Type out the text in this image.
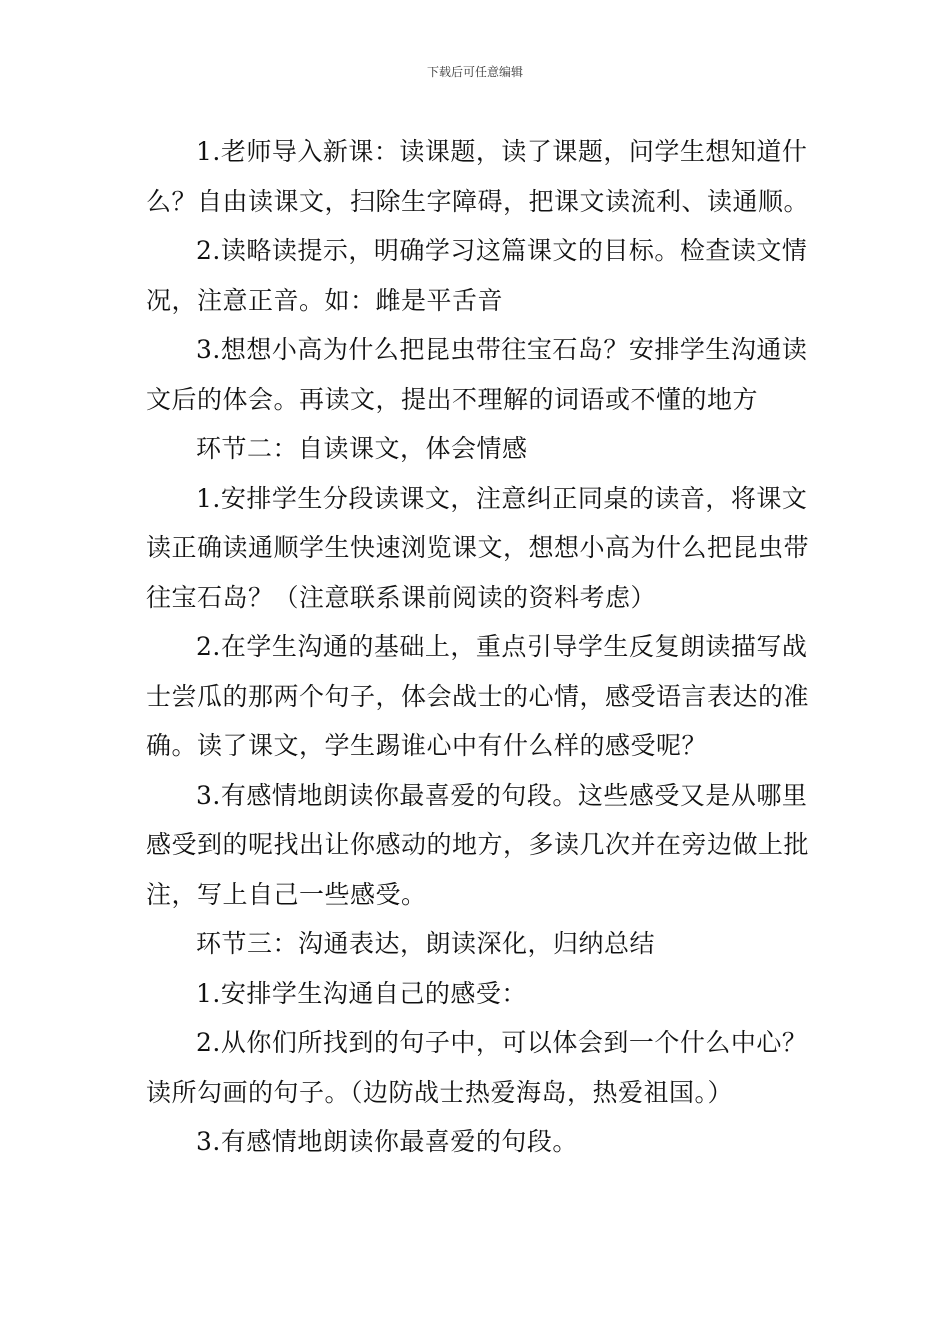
下载后可任意编辑

1.老师导入新课：读课题，读了课题，问学生想知道什么？自由读课文，扫除生字障碍，把课文读流利、读通顺。

2.读略读提示，明确学习这篇课文的目标。检查读文情况，注意正音。如：雌是平舌音

3.想想小高为什么把昆虫带往宝石岛？安排学生沟通读文后的体会。再读文，提出不理解的词语或不懂的地方

环节二：自读课文，体会情感

1.安排学生分段读课文，注意纠正同桌的读音，将课文读正确读通顺学生快速浏览课文，想想小高为什么把昆虫带往宝石岛？（注意联系课前阅读的资料考虑）

2.在学生沟通的基础上，重点引导学生反复朗读描写战士尝瓜的那两个句子，体会战士的心情，感受语言表达的准确。读了课文，学生踢谁心中有什么样的感受呢？

3.有感情地朗读你最喜爱的句段。这些感受又是从哪里感受到的呢找出让你感动的地方，多读几次并在旁边做上批注，写上自己一些感受。

环节三：沟通表达，朗读深化，归纳总结

1.安排学生沟通自己的感受：

2.从你们所找到的句子中，可以体会到一个什么中心？读所勾画的句子。（边防战士热爱海岛，热爱祖国。）

3.有感情地朗读你最喜爱的句段。
